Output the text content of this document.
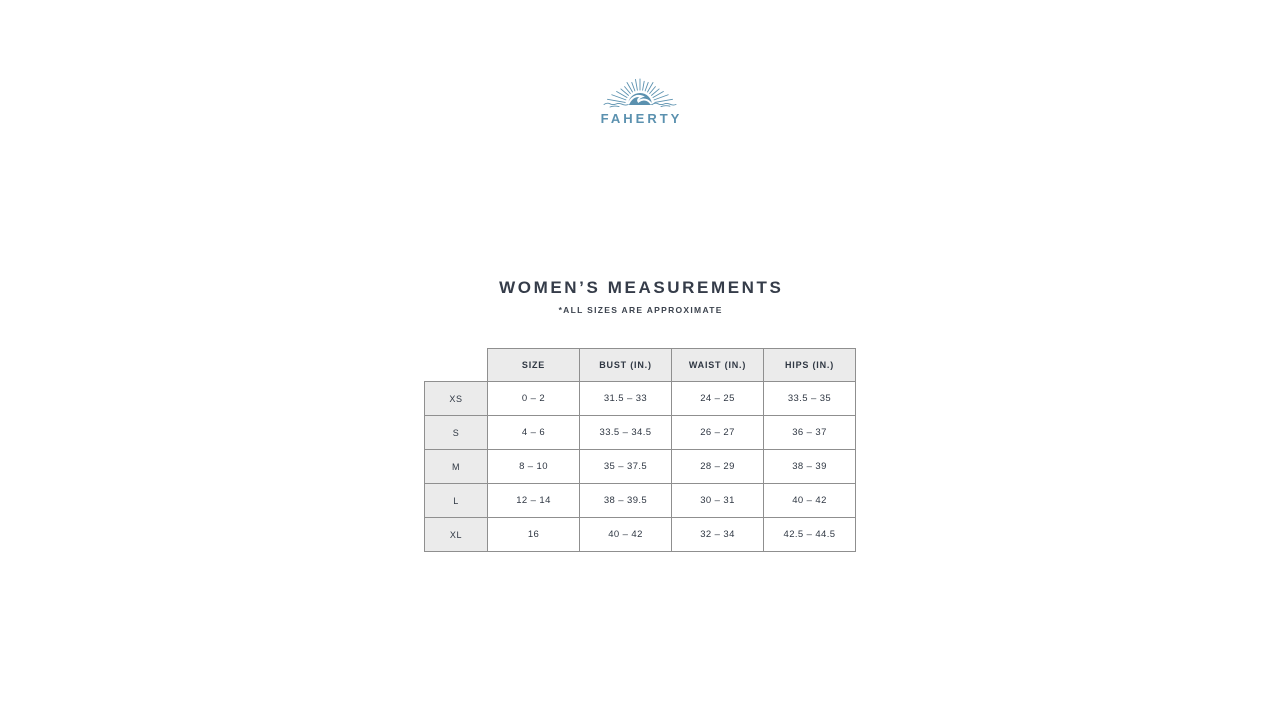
FAHERTY
WOMEN’S MEASUREMENTS

*ALL SIZES ARE APPROXIMATE

	SIZE	BUST (IN.)	WAIST (IN.)	HIPS (IN.)
XS	0 – 2	31.5 – 33	24 – 25	33.5 – 35
S	4 – 6	33.5 – 34.5	26 – 27	36 – 37
M	8 – 10	35 – 37.5	28 – 29	38 – 39
L	12 – 14	38 – 39.5	30 – 31	40 – 42
XL	16	40 – 42	32 – 34	42.5 – 44.5
